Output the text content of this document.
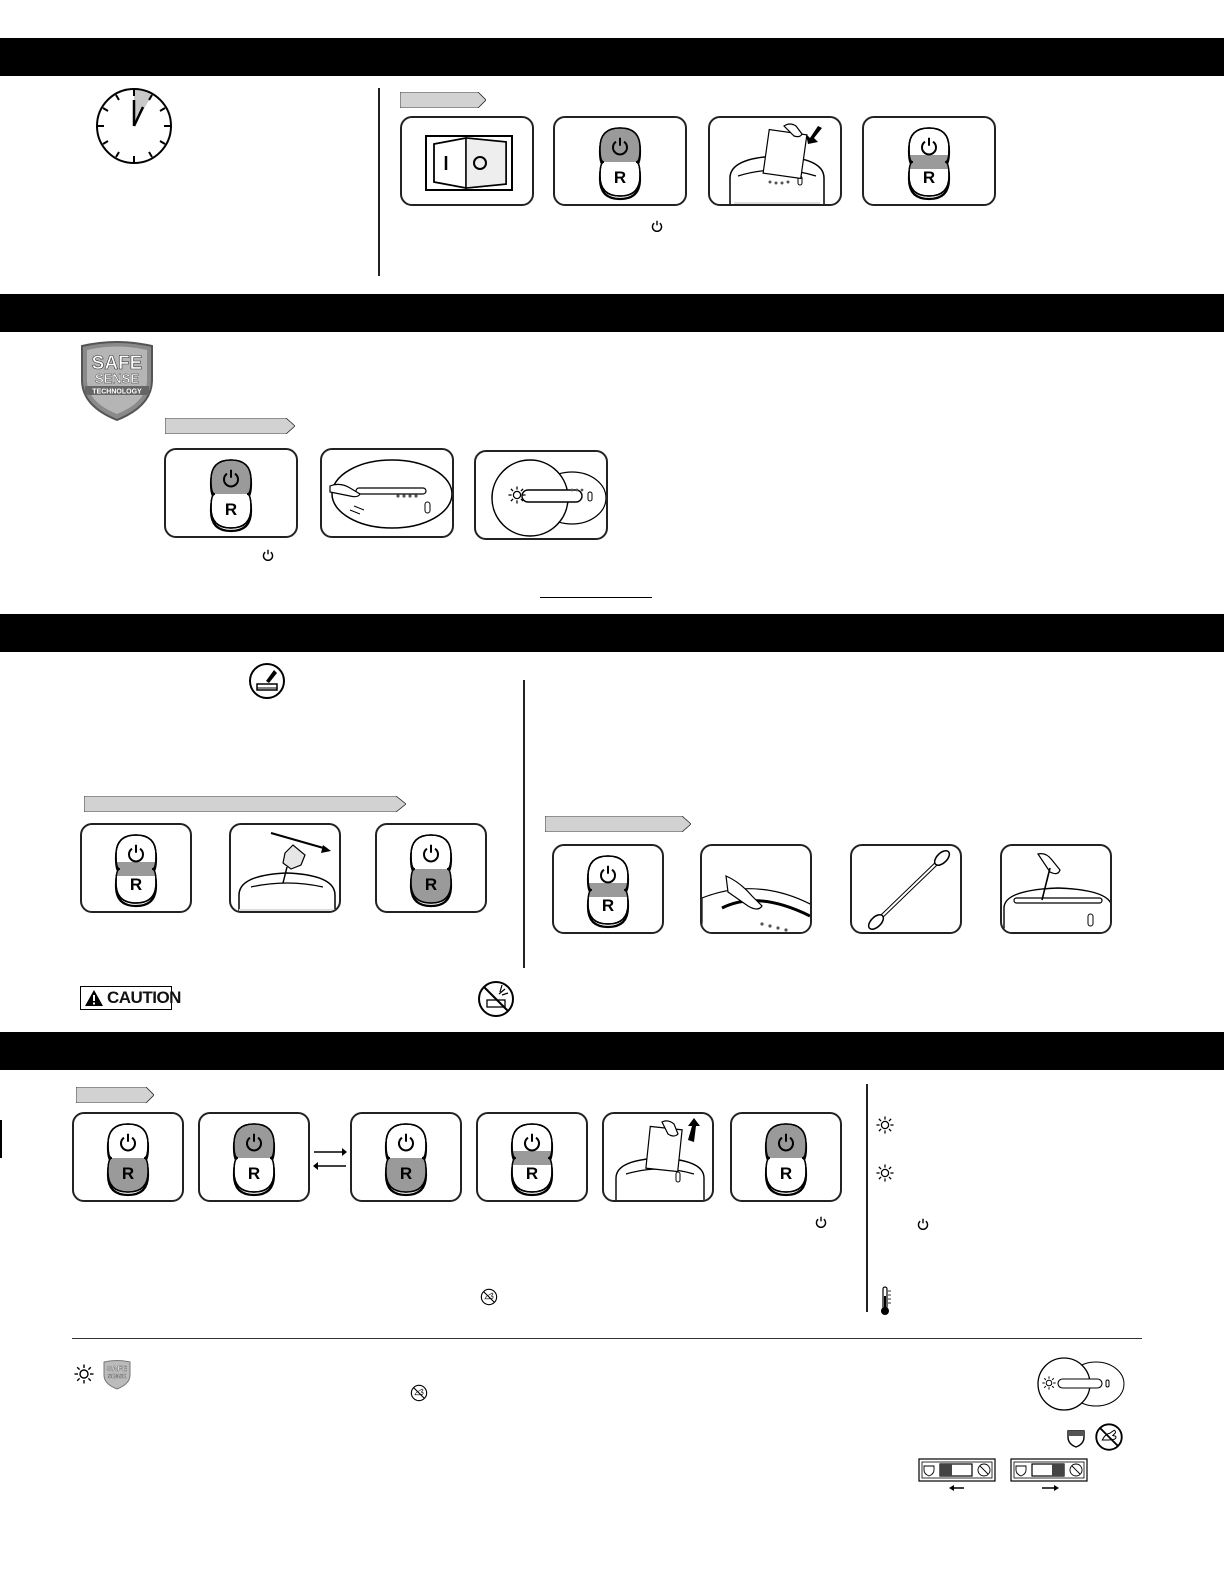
R	R
SAFE
SENSE
TECHNOLOGY
R
R	R
R
CAUTION
R	R	R	R	R
SAFE
SENSE
